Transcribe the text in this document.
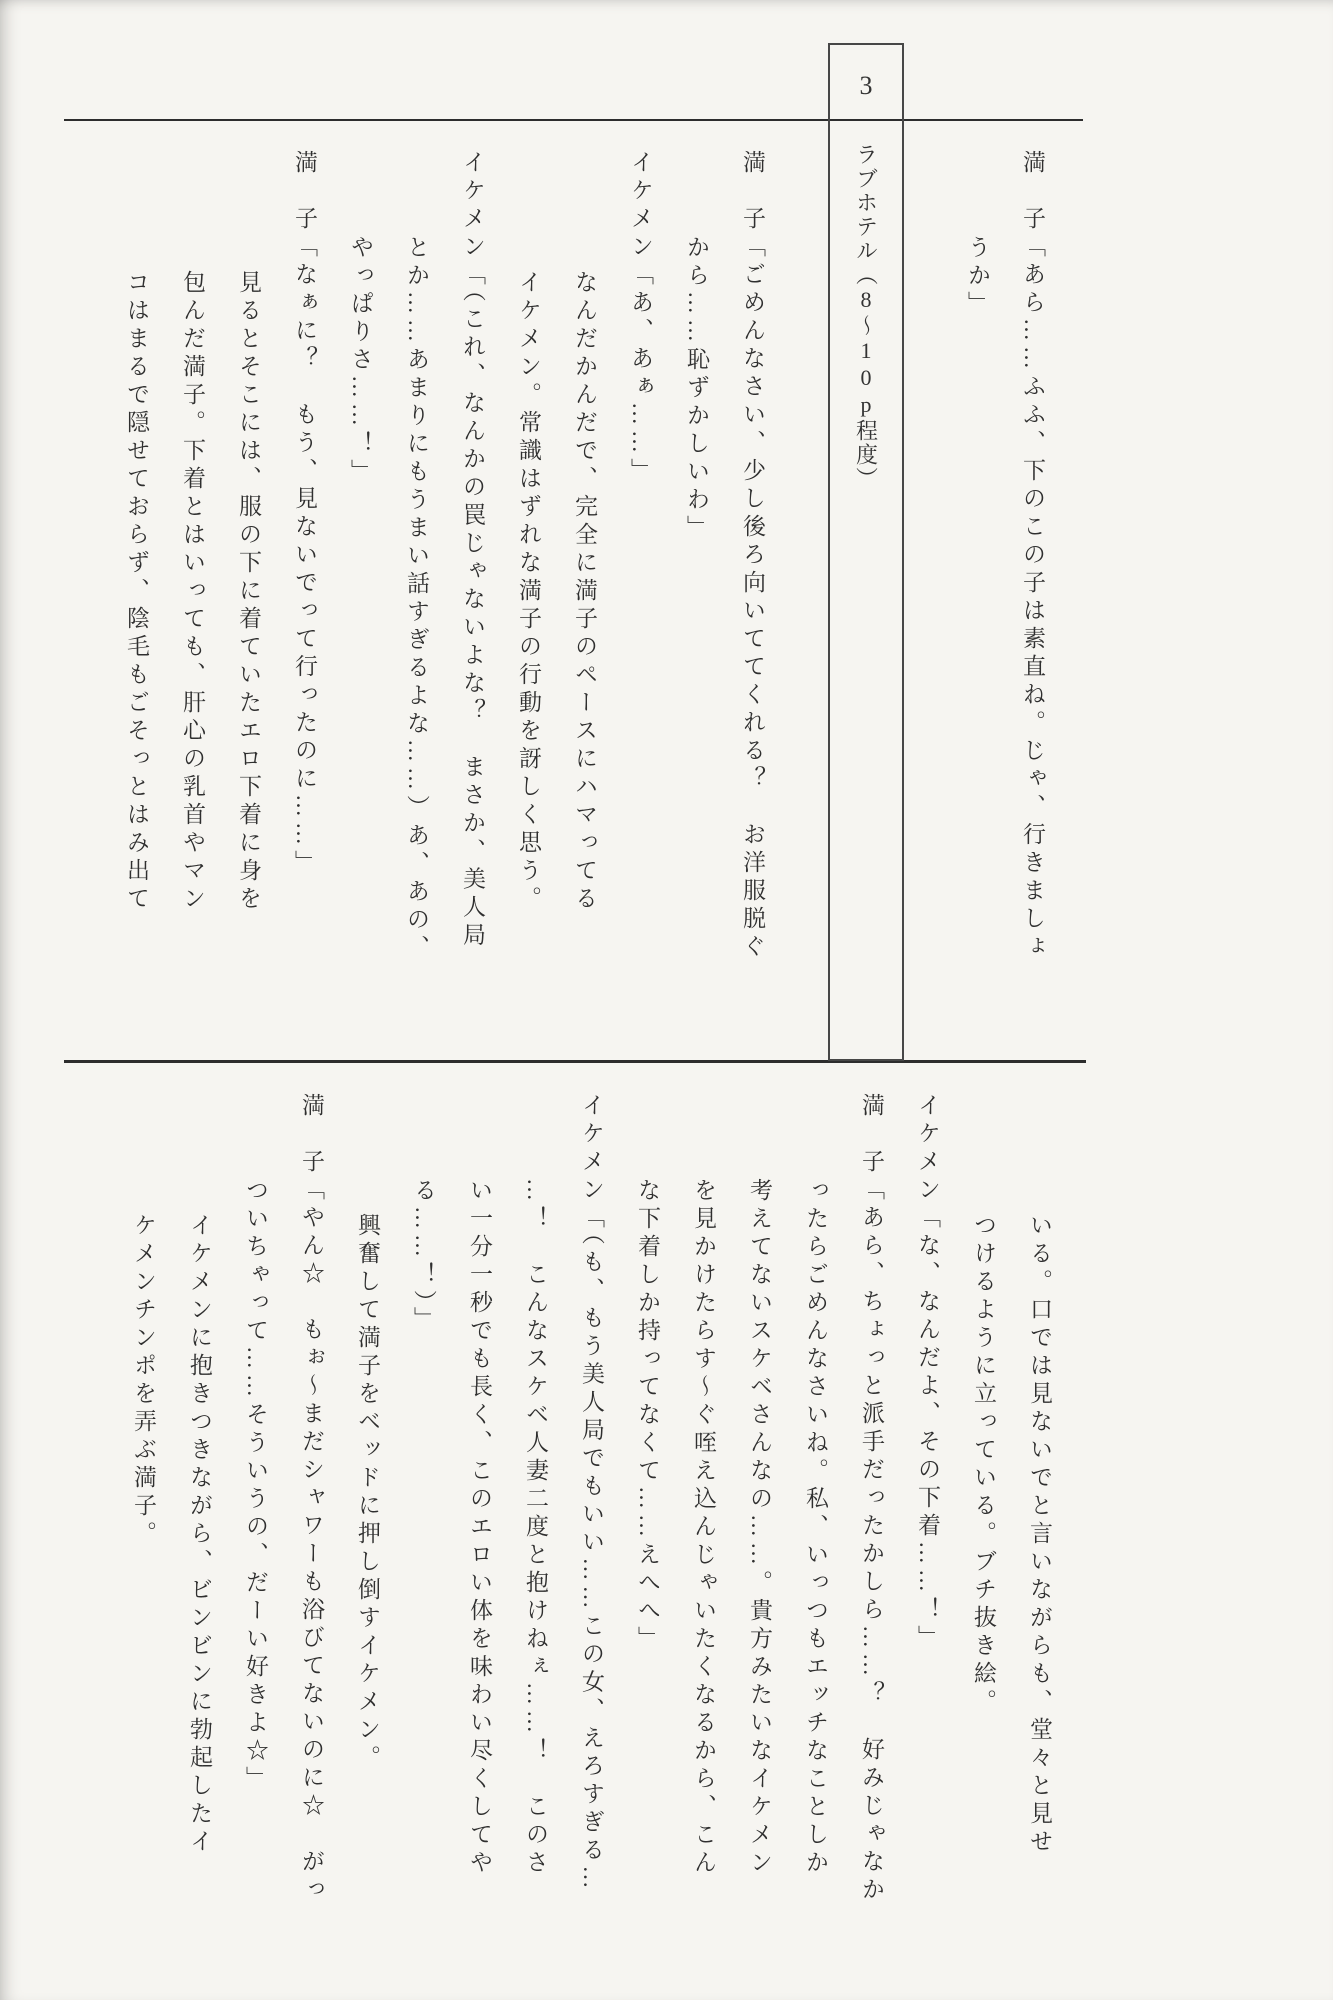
3
ラブホテル（8～10p程度）	満　子「あら……ふふ、下のこの子は素直ね。じゃ、行きましょ
うか」
満　子「ごめんなさい、少し後ろ向いててくれる？　お洋服脱ぐ
から……恥ずかしいわ」
イケメン「あ、あぁ……」
なんだかんだで、完全に満子のペースにハマってる
イケメン。常識はずれな満子の行動を訝しく思う。
イケメン「（これ、なんかの罠じゃないよな？　まさか、美人局
とか……あまりにもうまい話すぎるよな……）あ、あの、
やっぱりさ……！」
満　子「なぁに？　もう、見ないでって行ったのに……」
見るとそこには、服の下に着ていたエロ下着に身を
包んだ満子。下着とはいっても、肝心の乳首やマン
コはまるで隠せておらず、陰毛もごそっとはみ出て
いる。口では見ないでと言いながらも、堂々と見せ
つけるように立っている。ブチ抜き絵。
イケメン「な、なんだよ、その下着……！」
満　子「あら、ちょっと派手だったかしら……？　好みじゃなか
ったらごめんなさいね。私、いっつもエッチなことしか
考えてないスケベさんなの……。貴方みたいなイケメン
を見かけたらす～ぐ咥え込んじゃいたくなるから、こん
な下着しか持ってなくて……えへへ」
イケメン「（も、もう美人局でもいい……この女、えろすぎる…
…！　こんなスケベ人妻二度と抱けねぇ……！　このさ
い一分一秒でも長く、このエロい体を味わい尽くしてや
る……！）」
興奮して満子をベッドに押し倒すイケメン。
満　子「やん☆　もぉ～まだシャワーも浴びてないのに☆　がっ
ついちゃって……そういうの、だーい好きよ☆」
イケメンに抱きつきながら、ビンビンに勃起したイ
ケメンチンポを弄ぶ満子。
